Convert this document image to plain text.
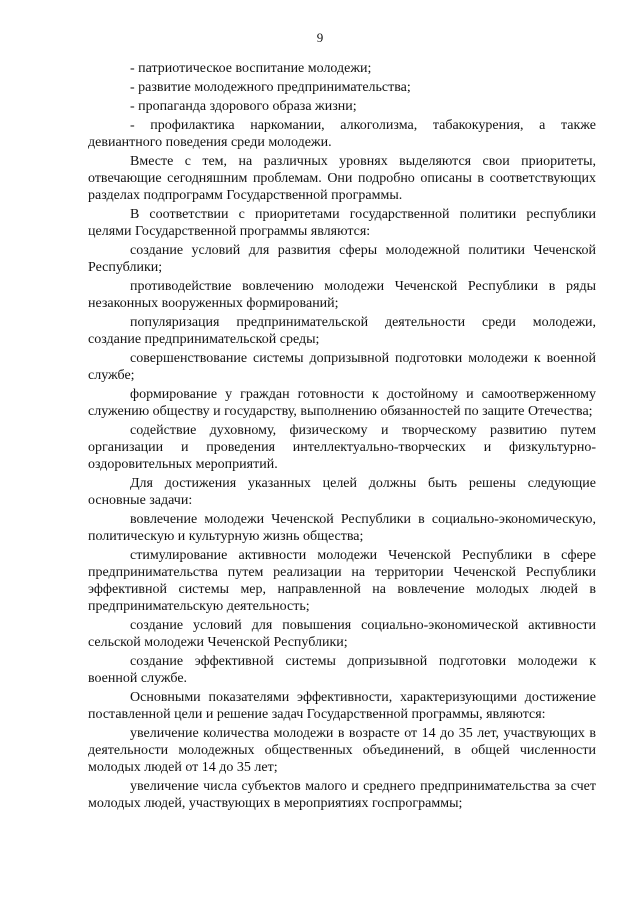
9

- патриотическое воспитание молодежи;

- развитие молодежного предпринимательства;

- пропаганда здорового образа жизни;

- профилактика наркомании, алкоголизма, табакокурения, а также девиантного поведения среди молодежи.

Вместе с тем, на различных уровнях выделяются свои приоритеты, отвечающие сегодняшним проблемам. Они подробно описаны в соответствующих разделах подпрограмм Государственной программы.

В соответствии с приоритетами государственной политики республики целями Государственной программы являются:

создание условий для развития сферы молодежной политики Чеченской Республики;

противодействие вовлечению молодежи Чеченской Республики в ряды незаконных вооруженных формирований;

популяризация предпринимательской деятельности среди молодежи, создание предпринимательской среды;

совершенствование системы допризывной подготовки молодежи к военной службе;

формирование у граждан готовности к достойному и самоотверженному служению обществу и государству, выполнению обязанностей по защите Отечества;

содействие духовному, физическому и творческому развитию путем организации и проведения интеллектуально-творческих и физкультурно-оздоровительных мероприятий.

Для достижения указанных целей должны быть решены следующие основные задачи:

вовлечение молодежи Чеченской Республики в социально-экономическую, политическую и культурную жизнь общества;

стимулирование активности молодежи Чеченской Республики в сфере предпринимательства путем реализации на территории Чеченской Республики эффективной системы мер, направленной на вовлечение молодых людей в предпринимательскую деятельность;

создание условий для повышения социально-экономической активности сельской молодежи Чеченской Республики;

создание эффективной системы допризывной подготовки молодежи к военной службе.

Основными показателями эффективности, характеризующими достижение поставленной цели и решение задач Государственной программы, являются:

увеличение количества молодежи в возрасте от 14 до 35 лет, участвующих в деятельности молодежных общественных объединений, в общей численности молодых людей от 14 до 35 лет;

увеличение числа субъектов малого и среднего предпринимательства за счет молодых людей, участвующих в мероприятиях госпрограммы;
